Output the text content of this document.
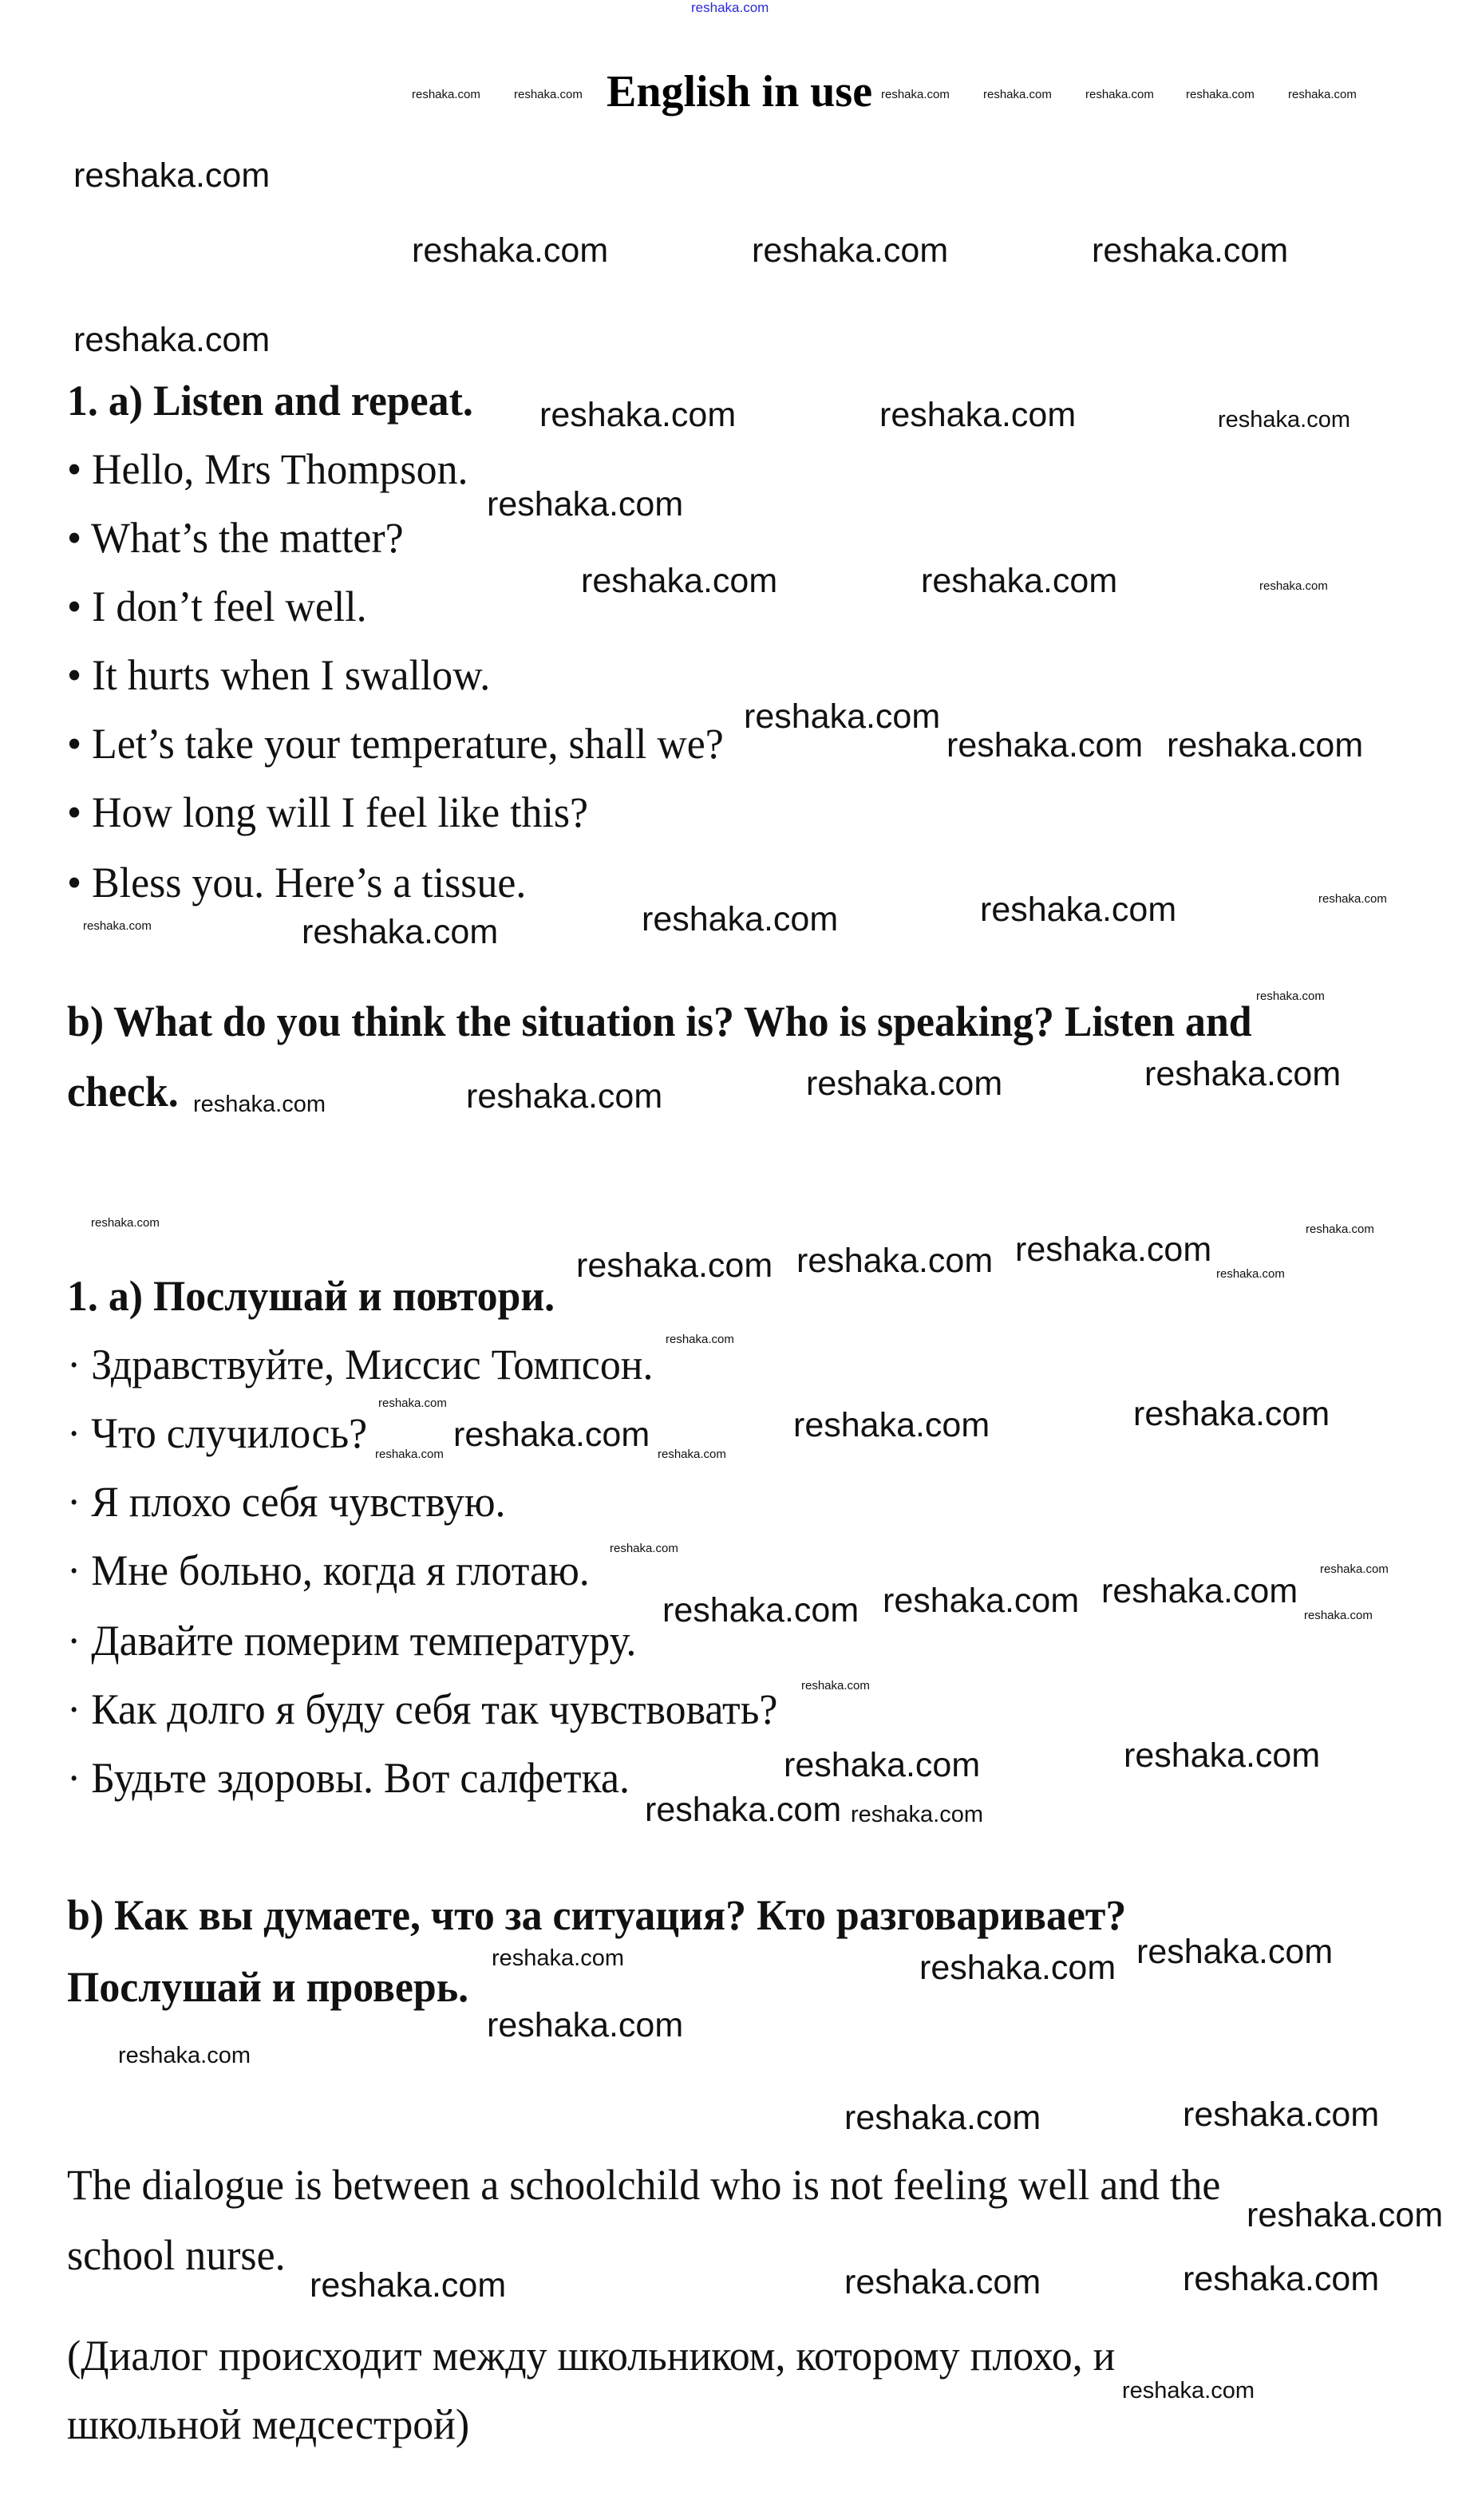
reshaka.com
English in use
1. a) Listen and repeat.
• Hello, Mrs Thompson.
• What’s the matter?
• I don’t feel well.
• It hurts when I swallow.
• Let’s take your temperature, shall we?
• How long will I feel like this?
• Bless you. Here’s a tissue.
b) What do you think the situation is? Who is speaking? Listen and
check.
1. а) Послушай и повтори.
· Здравствуйте, Миссис Томпсон.
· Что случилось?
· Я плохо себя чувствую.
· Мне больно, когда я глотаю.
· Давайте померим температуру.
· Как долго я буду себя так чувствовать?
· Будьте здоровы. Вот салфетка.
b) Как вы думаете, что за ситуация? Кто разговаривает?
Послушай и проверь.
The dialogue is between a schoolchild who is not feeling well and the
school nurse.
(Диалог происходит между школьником, которому плохо, и
школьной медсестрой)
reshaka.com
reshaka.com	reshaka.com	reshaka.com
reshaka.com
reshaka.com	reshaka.com
reshaka.com
reshaka.com	reshaka.com
reshaka.com
reshaka.com reshaka.com
reshaka.com	reshaka.com	reshaka.com
reshaka.com	reshaka.com	reshaka.com
reshaka.com reshaka.com reshaka.com
reshaka.com	reshaka.com	reshaka.com
reshaka.com reshaka.com reshaka.com
reshaka.com	reshaka.com
reshaka.com
reshaka.com
reshaka.com
reshaka.com
reshaka.com	reshaka.com
reshaka.com
reshaka.com	reshaka.com	reshaka.com
reshaka.com
reshaka.com
reshaka.com
reshaka.com
reshaka.com
reshaka.com
reshaka.com	reshaka.com	reshaka.com	reshaka.com	reshaka.com	reshaka.com	reshaka.com
reshaka.com
reshaka.com
reshaka.com
reshaka.com
reshaka.com	reshaka.com
reshaka.com
reshaka.com
reshaka.com
reshaka.com
reshaka.com
reshaka.com
reshaka.com
reshaka.com
reshaka.com
